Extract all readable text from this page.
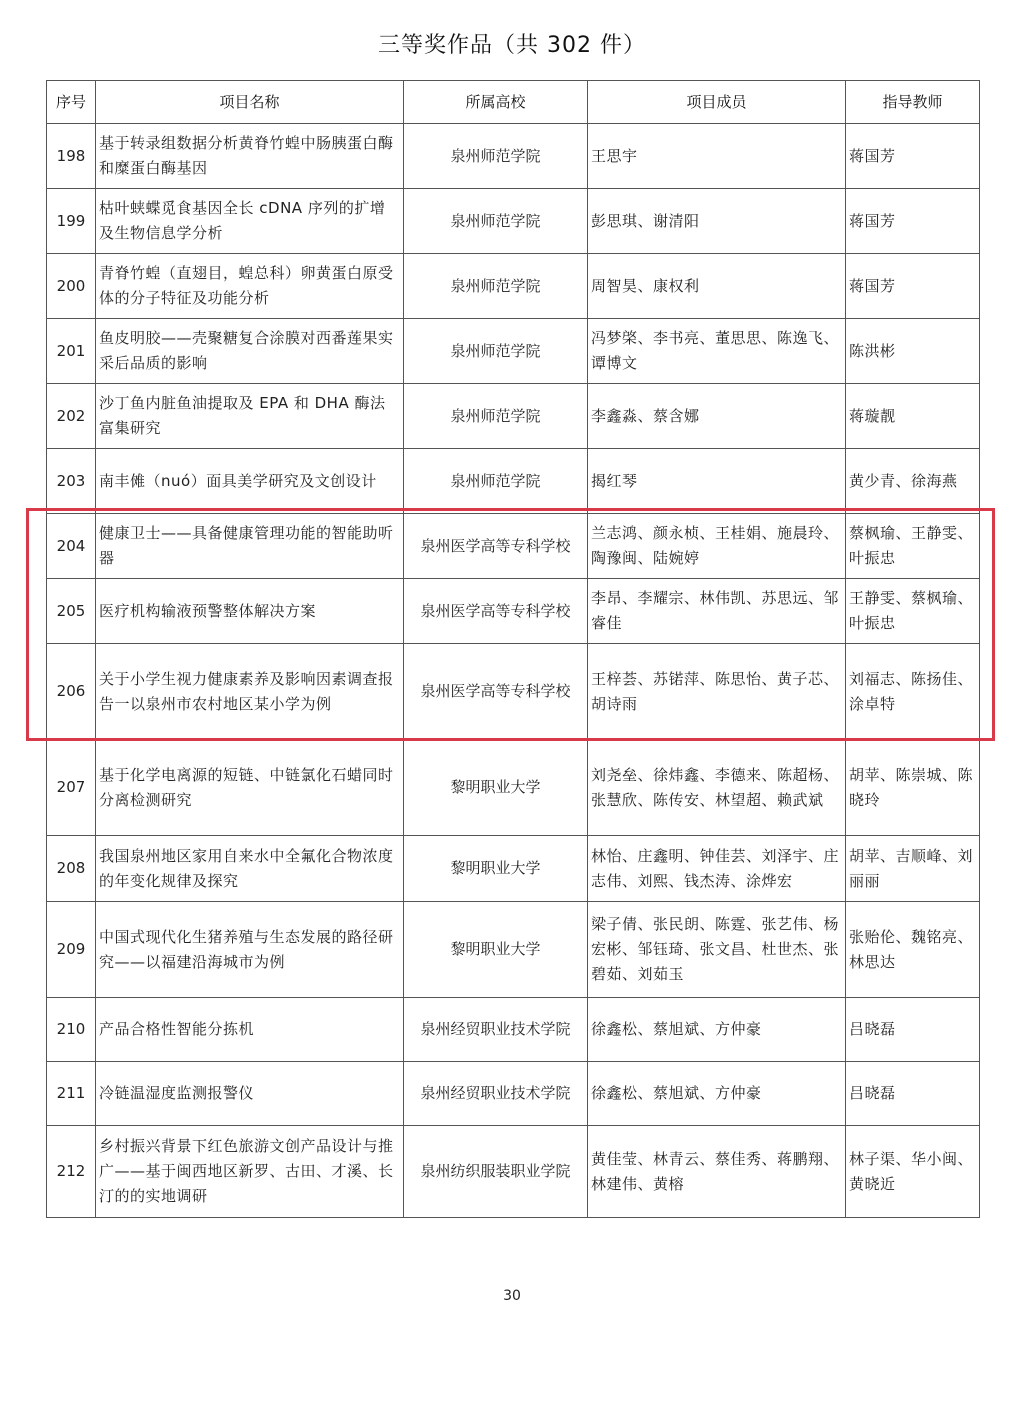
三等奖作品（共 302 件）
序号	项目名称	所属高校	项目成员	指导教师
198	基于转录组数据分析黄脊竹蝗中肠胰蛋白酶和糜蛋白酶基因	泉州师范学院	王思宇	蒋国芳
199	枯叶蛱蝶觅食基因全长 cDNA 序列的扩增及生物信息学分析	泉州师范学院	彭思琪、谢清阳	蒋国芳
200	青脊竹蝗（直翅目，蝗总科）卵黄蛋白原受体的分子特征及功能分析	泉州师范学院	周智昊、康权利	蒋国芳
201	鱼皮明胶——壳聚糖复合涂膜对西番莲果实采后品质的影响	泉州师范学院	冯梦棨、李书亮、董思思、陈逸飞、谭博文	陈洪彬
202	沙丁鱼内脏鱼油提取及 EPA 和 DHA 酶法富集研究	泉州师范学院	李鑫淼、蔡含娜	蒋璇靓
203	南丰傩（nuó）面具美学研究及文创设计	泉州师范学院	揭红琴	黄少青、徐海燕
204	健康卫士——具备健康管理功能的智能助听器	泉州医学高等专科学校	兰志鸿、颜永桢、王桂娟、施晨玲、陶豫闽、陆婉婷	蔡枫瑜、王静雯、叶振忠
205	医疗机构输液预警整体解决方案	泉州医学高等专科学校	李昂、李耀宗、林伟凯、苏思远、邹睿佳	王静雯、蔡枫瑜、叶振忠
206	关于小学生视力健康素养及影响因素调查报告一以泉州市农村地区某小学为例	泉州医学高等专科学校	王梓荟、苏锘萍、陈思怡、黄子芯、胡诗雨	刘福志、陈扬佳、涂卓特
207	基于化学电离源的短链、中链氯化石蜡同时分离检测研究	黎明职业大学	刘尧垒、徐炜鑫、李德来、陈超杨、张慧欣、陈传安、林望超、赖武斌	胡苹、陈崇城、陈晓玲
208	我国泉州地区家用自来水中全氟化合物浓度的年变化规律及探究	黎明职业大学	林怡、庄鑫明、钟佳芸、刘泽宇、庄志伟、刘熙、钱杰涛、涂烨宏	胡苹、吉顺峰、刘丽丽
209	中国式现代化生猪养殖与生态发展的路径研究——以福建沿海城市为例	黎明职业大学	梁子倩、张民朗、陈霆、张艺伟、杨宏彬、邹钰琦、张文昌、杜世杰、张碧茹、刘茹玉	张贻伦、魏铭亮、林思达
210	产品合格性智能分拣机	泉州经贸职业技术学院	徐鑫松、蔡旭斌、方仲豪	吕晓磊
211	冷链温湿度监测报警仪	泉州经贸职业技术学院	徐鑫松、蔡旭斌、方仲豪	吕晓磊
212	乡村振兴背景下红色旅游文创产品设计与推广——基于闽西地区新罗、古田、才溪、长汀的的实地调研	泉州纺织服装职业学院	黄佳莹、林青云、蔡佳秀、蒋鹏翔、林建伟、黄榕	林子渠、华小闽、黄晓近
30
